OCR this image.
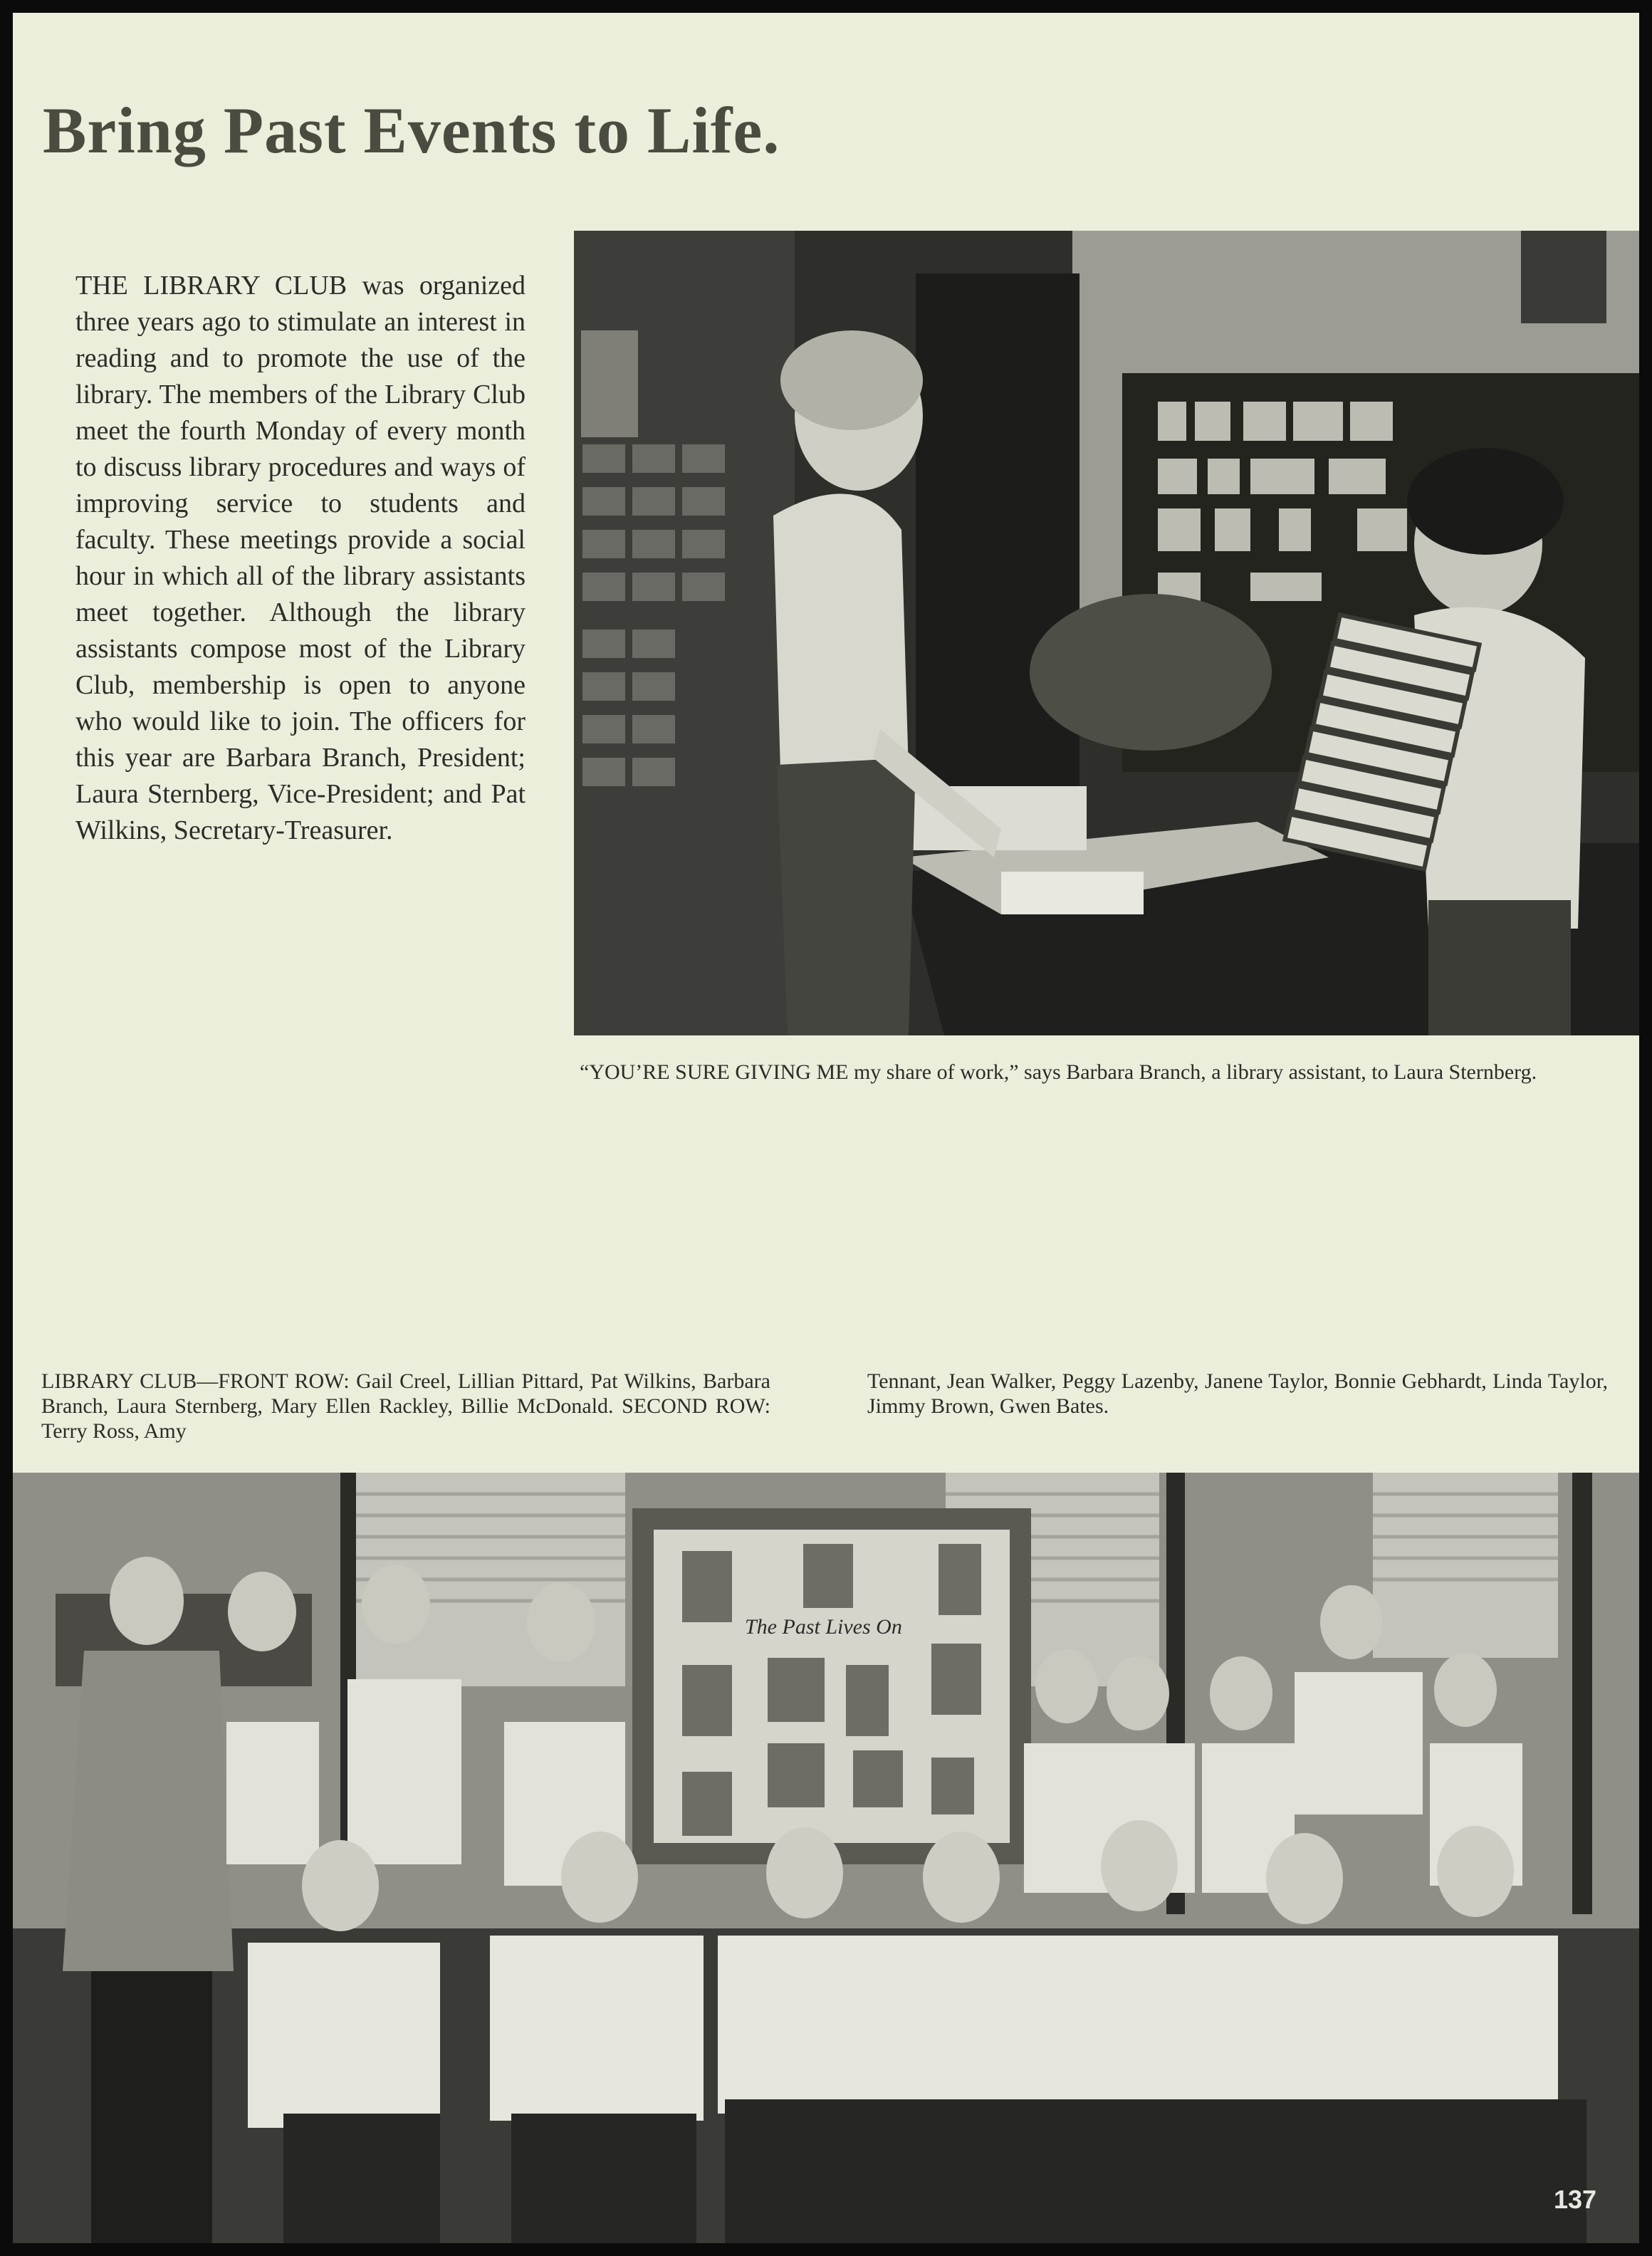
Bring Past Events to Life.

THE LIBRARY CLUB was organized three years ago to stimulate an interest in reading and to promote the use of the library. The members of the Library Club meet the fourth Monday of every month to discuss library procedures and ways of improving service to students and faculty. These meetings provide a social hour in which all of the library assistants meet together. Although the library assistants compose most of the Library Club, membership is open to anyone who would like to join. The officers for this year are Barbara Branch, President; Laura Sternberg, Vice-President; and Pat Wilkins, Secretary-Treasurer.

“YOU’RE SURE GIVING ME my share of work,” says Barbara Branch, a library assistant, to Laura Sternberg.

LIBRARY CLUB—FRONT ROW: Gail Creel, Lillian Pittard, Pat Wilkins, Barbara Branch, Laura Sternberg, Mary Ellen Rackley, Billie McDonald. SECOND ROW: Terry Ross, Amy

Tennant, Jean Walker, Peggy Lazenby, Janene Taylor, Bonnie Gebhardt, Linda Taylor, Jimmy Brown, Gwen Bates.

The Past Lives On

137
